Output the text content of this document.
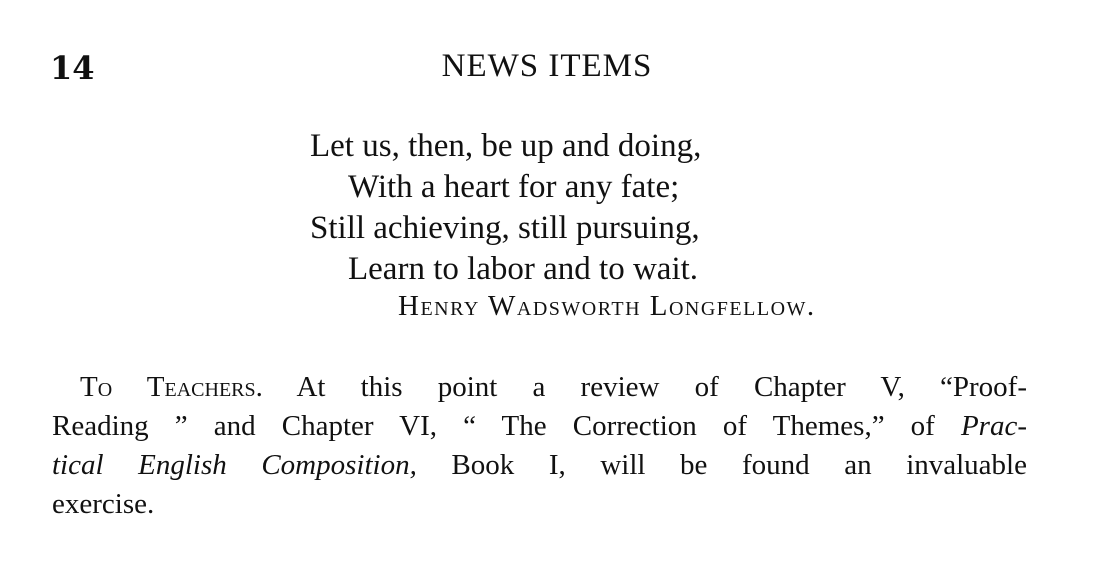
14	NEWS ITEMS
Let us, then, be up and doing,
With a heart for any fate;
Still achieving, still pursuing,
Learn to labor and to wait.
Henry Wadsworth Longfellow.
To Teachers. At this point a review of Chapter V, “Proof-
Reading ” and Chapter VI, “ The Correction of Themes,” of Prac-
tical English Composition, Book I, will be found an invaluable
exercise.
